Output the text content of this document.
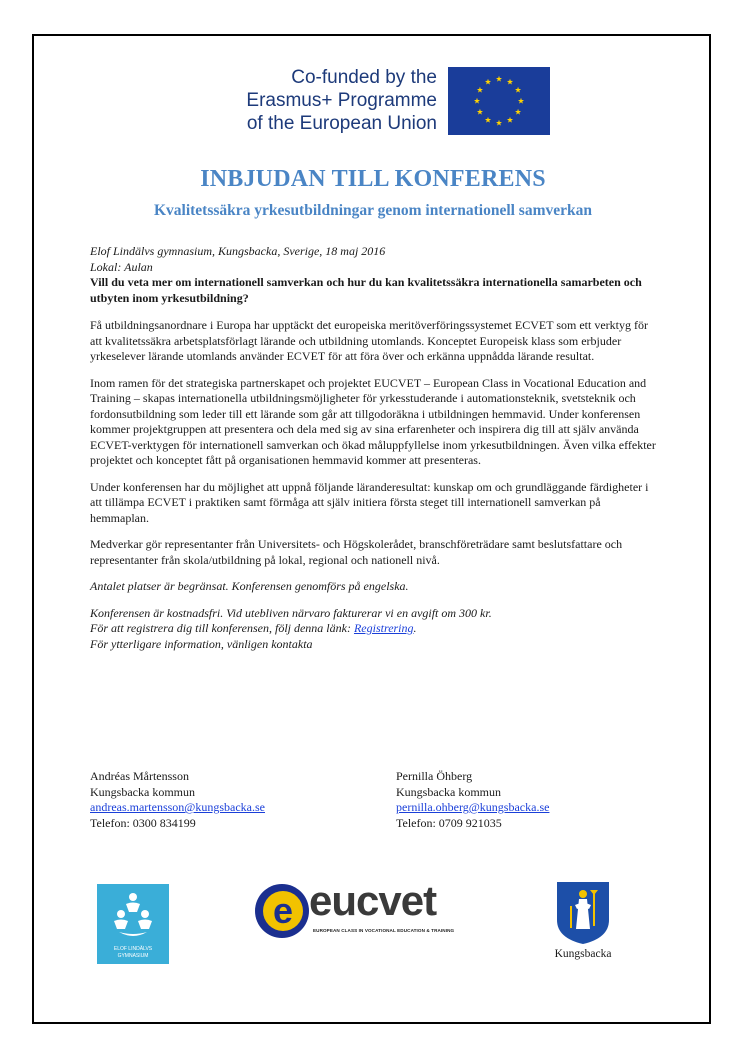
Co-funded by the
Erasmus+ Programme
of the European Union
INBJUDAN TILL KONFERENS
Kvalitetssäkra yrkesutbildningar genom internationell samverkan

Elof Lindälvs gymnasium, Kungsbacka, Sverige, 18 maj 2016

Lokal: Aulan

Vill du veta mer om internationell samverkan och hur du kan kvalitetssäkra internationella samarbeten och utbyten inom yrkesutbildning?

Få utbildningsanordnare i Europa har upptäckt det europeiska meritöverföringssystemet ECVET som ett verktyg för att kvalitetssäkra arbetsplatsförlagt lärande och utbildning utomlands. Konceptet Europeisk klass som erbjuder yrkeselever lärande utomlands använder ECVET för att föra över och erkänna uppnådda lärande resultat.

Inom ramen för det strategiska partnerskapet och projektet EUCVET – European Class in Vocational Education and Training – skapas internationella utbildningsmöjligheter för yrkesstuderande i automationsteknik, svetsteknik och fordonsutbildning som leder till ett lärande som går att tillgodoräkna i utbildningen hemmavid. Under konferensen kommer projektgruppen att presentera och dela med sig av sina erfarenheter och inspirera dig till att själv använda ECVET-verktygen för internationell samverkan och ökad måluppfyllelse inom yrkesutbildningen. Även vilka effekter projektet och konceptet fått på organisationen hemmavid kommer att presenteras.

Under konferensen har du möjlighet att uppnå följande läranderesultat: kunskap om och grundläggande färdigheter i att tillämpa ECVET i praktiken samt förmåga att själv initiera första steget till internationell samverkan på hemmaplan.

Medverkar gör representanter från Universitets- och Högskolerådet, branschföreträdare samt beslutsfattare och representanter från skola/utbildning på lokal, regional och nationell nivå.

Antalet platser är begränsat. Konferensen genomförs på engelska.

Konferensen är kostnadsfri. Vid utebliven närvaro fakturerar vi en avgift om 300 kr.

För att registrera dig till konferensen, följ denna länk: Registrering.

För ytterligare information, vänligen kontakta

Andréas Mårtensson
Kungsbacka kommun
andreas.martensson@kungsbacka.se
Telefon: 0300 834199
Pernilla Öhberg
Kungsbacka kommun
pernilla.ohberg@kungsbacka.se
Telefon: 0709 921035
ELOF LINDÄLVS
GYMNASIUM
e eucvet
EUROPEAN CLASS IN VOCATIONAL EDUCATION & TRAINING
Kungsbacka
